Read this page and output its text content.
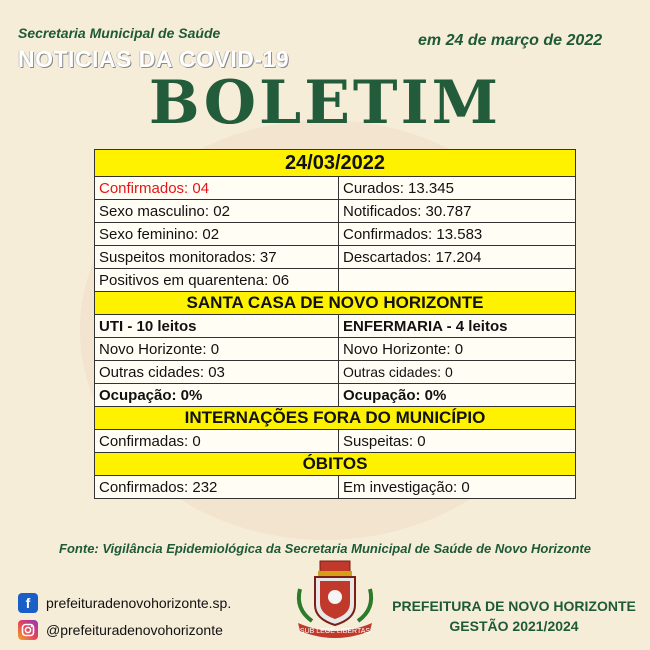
Secretaria Municipal de Saúde	em 24 de março de 2022
NOTICIAS DA COVID-19
BOLETIM
24/03/2022	
Confirmados: 04	Curados: 13.345
Sexo masculino: 02	Notificados: 30.787
Sexo feminino: 02	Confirmados: 13.583
Suspeitos monitorados: 37	Descartados: 17.204
Positivos em quarentena: 06	
SANTA CASA DE NOVO HORIZONTE	
UTI - 10 leitos	ENFERMARIA - 4 leitos
Novo Horizonte: 0	Novo Horizonte: 0
Outras cidades: 03	Outras cidades: 0
Ocupação: 0%	Ocupação: 0%
INTERNAÇÕES FORA DO MUNICÍPIO	
Confirmadas: 0	Suspeitas: 0
ÓBITOS	
Confirmados: 232	Em investigação: 0
Fonte: Vigilância Epidemiológica da Secretaria Municipal de Saúde de Novo Horizonte
f	prefeituradenovohorizonte.sp.
@prefeituradenovohorizonte	SUB LEGE LIBERTAS
PREFEITURA DE NOVO HORIZONTE
GESTÃO 2021/2024
